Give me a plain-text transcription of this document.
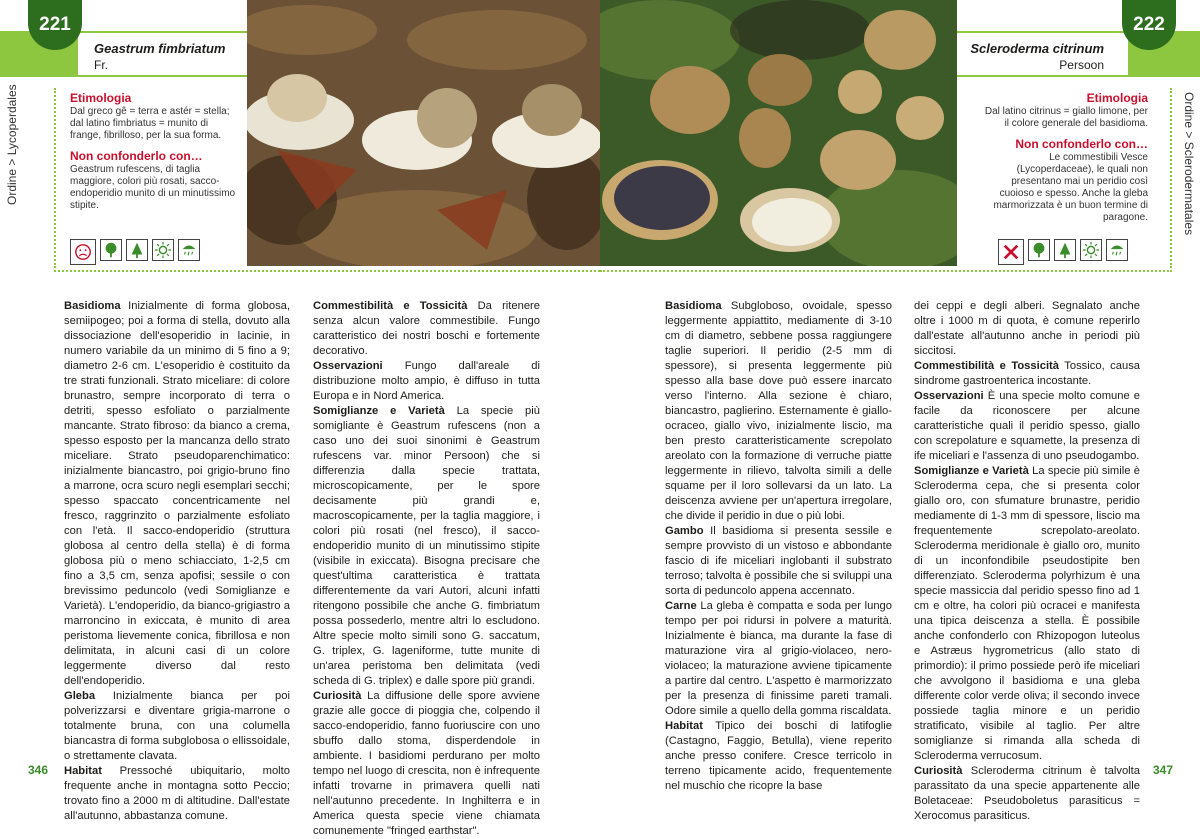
221
Geastrum fimbriatum
Fr.
Ordine > Lycoperdales	Etimologia

Dal greco gê = terra e astér = stella; dal latino fimbriatus = munito di frange, fibrilloso, per la sua forma.

Non confonderlo con…

Geastrum rufescens, di taglia maggiore, colori più rosati, sacco-endoperidio munito di un minutissimo stipite.

Basidioma Inizialmente di forma globosa, semiipogeo; poi a forma di stella, dovuto alla dissociazione dell'esoperidio in lacinie, in numero variabile da un minimo di 5 fino a 9; diametro 2-6 cm. L'esoperidio è costituito da tre strati funzionali. Strato miceliare: di colore brunastro, sempre incorporato di terra o detriti, spesso esfoliato o parzialmente mancante. Strato fibroso: da bianco a crema, spesso esposto per la mancanza dello strato miceliare. Strato pseudoparenchimatico: inizialmente biancastro, poi grigio-bruno fino a marrone, ocra scuro negli esemplari secchi; spesso spaccato concentricamente nel fresco, raggrinzito o parzialmente esfoliato con l'età. Il sacco-endoperidio (struttura globosa al centro della stella) è di forma globosa più o meno schiacciato, 1-2,5 cm fino a 3,5 cm, senza apofisi; sessile o con brevissimo peduncolo (vedi Somiglianze e Varietà). L'endoperidio, da bianco-grigiastro a marroncino in exiccata, è munito di area peristoma lievemente conica, fibrillosa e non delimitata, in alcuni casi di un colore leggermente diverso dal resto dell'endoperidio.

Gleba Inizialmente bianca per poi polverizzarsi e diventare grigia-marrone o totalmente bruna, con una columella biancastra di forma subglobosa o ellissoidale, o strettamente clavata.

Habitat Pressoché ubiquitario, molto frequente anche in montagna sotto Peccio; trovato fino a 2000 m di altitudine. Dall'estate all'autunno, abbastanza comune.

Commestibilità e Tossicità Da ritenere senza alcun valore commestibile. Fungo caratteristico dei nostri boschi e fortemente decorativo.

Osservazioni Fungo dall'areale di distribuzione molto ampio, è diffuso in tutta Europa e in Nord America.

Somiglianze e Varietà La specie più somigliante è Geastrum rufescens (non a caso uno dei suoi sinonimi è Geastrum rufescens var. minor Persoon) che si differenzia dalla specie trattata, microscopicamente, per le spore decisamente più grandi e, macroscopicamente, per la taglia maggiore, i colori più rosati (nel fresco), il sacco-endoperidio munito di un minutissimo stipite (visibile in exiccata). Bisogna precisare che quest'ultima caratteristica è trattata differentemente da vari Autori, alcuni infatti ritengono possibile che anche G. fimbriatum possa possederlo, mentre altri lo escludono. Altre specie molto simili sono G. saccatum, G. triplex, G. lageniforme, tutte munite di un'area peristoma ben delimitata (vedi scheda di G. triplex) e dalle spore più grandi.

Curiosità La diffusione delle spore avviene grazie alle gocce di pioggia che, colpendo il sacco-endoperidio, fanno fuoriuscire con uno sbuffo dallo stoma, disperdendole in ambiente. I basidiomi perdurano per molto tempo nel luogo di crescita, non è infrequente infatti trovarne in primavera quelli nati nell'autunno precedente. In Inghilterra e in America questa specie viene chiamata comunemente "fringed earthstar".

346
222
Scleroderma citrinum
Persoon
Ordine > Sclerodermatales
Etimologia

Dal latino citrinus = giallo limone, per il colore generale del basidioma.

Non confonderlo con…

Le commestibili Vesce (Lycoperdaceae), le quali non presentano mai un peridio così cuoioso e spesso. Anche la gleba marmorizzata è un buon termine di paragone.

Basidioma Subgloboso, ovoidale, spesso leggermente appiattito, mediamente di 3-10 cm di diametro, sebbene possa raggiungere taglie superiori. Il peridio (2-5 mm di spessore), si presenta leggermente più spesso alla base dove può essere inarcato verso l'interno. Alla sezione è chiaro, biancastro, paglierino. Esternamente è giallo-ocraceo, giallo vivo, inizialmente liscio, ma ben presto caratteristicamente screpolato areolato con la formazione di verruche piatte leggermente in rilievo, talvolta simili a delle squame per il loro sollevarsi da un lato. La deiscenza avviene per un'apertura irregolare, che divide il peridio in due o più lobi.

Gambo Il basidioma si presenta sessile e sempre provvisto di un vistoso e abbondante fascio di ife miceliari inglobanti il substrato terroso; talvolta è possibile che si sviluppi una sorta di peduncolo appena accennato.

Carne La gleba è compatta e soda per lungo tempo per poi ridursi in polvere a maturità. Inizialmente è bianca, ma durante la fase di maturazione vira al grigio-violaceo, nero-violaceo; la maturazione avviene tipicamente a partire dal centro. L'aspetto è marmorizzato per la presenza di finissime pareti tramali. Odore simile a quello della gomma riscaldata.

Habitat Tipico dei boschi di latifoglie (Castagno, Faggio, Betulla), viene reperito anche presso conifere. Cresce terricolo in terreno tipicamente acido, frequentemente nel muschio che ricopre la base

dei ceppi e degli alberi. Segnalato anche oltre i 1000 m di quota, è comune reperirlo dall'estate all'autunno anche in periodi più siccitosi.

Commestibilità e Tossicità Tossico, causa sindrome gastroenterica incostante.

Osservazioni È una specie molto comune e facile da riconoscere per alcune caratteristiche quali il peridio spesso, giallo con screpolature e squamette, la presenza di ife miceliari e l'assenza di uno pseudogambo.

Somiglianze e Varietà La specie più simile è Scleroderma cepa, che si presenta color giallo oro, con sfumature brunastre, peridio mediamente di 1-3 mm di spessore, liscio ma frequentemente screpolato-areolato. Scleroderma meridionale è giallo oro, munito di un inconfondibile pseudostipite ben differenziato. Scleroderma polyrhizum è una specie massiccia dal peridio spesso fino ad 1 cm e oltre, ha colori più ocracei e manifesta una tipica deiscenza a stella. È possibile anche confonderlo con Rhizopogon luteolus e Astræus hygrometricus (allo stato di primordio): il primo possiede però ife miceliari che avvolgono il basidioma e una gleba differente color verde oliva; il secondo invece possiede taglia minore e un peridio stratificato, visibile al taglio. Per altre somiglianze si rimanda alla scheda di Scleroderma verrucosum.

Curiosità Scleroderma citrinum è talvolta parassitato da una specie appartenente alle Boletaceae: Pseudoboletus parasiticus = Xerocomus parasiticus.

347
